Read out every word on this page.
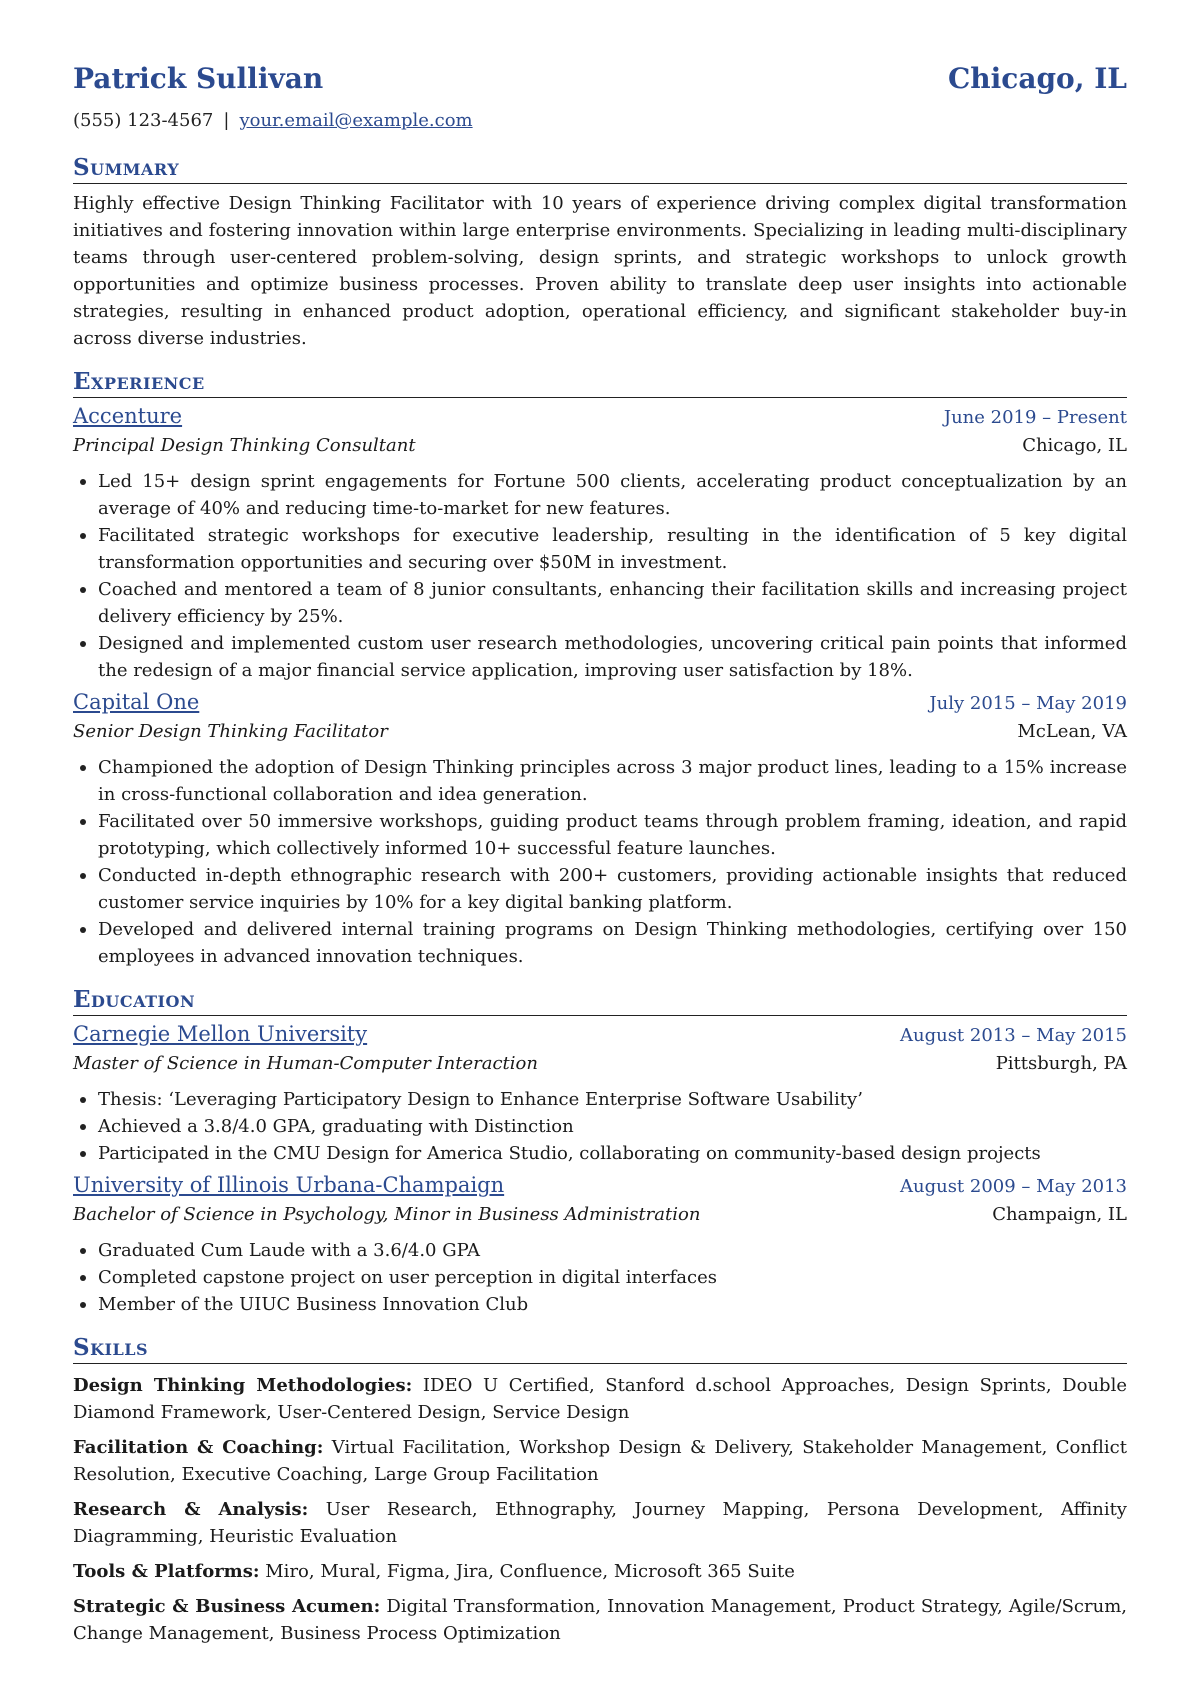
Patrick Sullivan	Chicago, IL
(555) 123-4567 | your.email@example.com
Summary
Highly effective Design Thinking Facilitator with 10 years of experience driving complex digital transformation initiatives and fostering innovation within large enterprise environments. Specializing in leading multi-disciplinary teams through user-centered problem-solving, design sprints, and strategic workshops to unlock growth opportunities and optimize business processes. Proven ability to translate deep user insights into actionable strategies, resulting in enhanced product adoption, operational efficiency, and significant stakeholder buy-in across diverse industries.
Experience
Accenture	June 2019 – Present
Principal Design Thinking Consultant	Chicago, IL
Led 15+ design sprint engagements for Fortune 500 clients, accelerating product conceptualization by an average of 40% and reducing time-to-market for new features.
Facilitated strategic workshops for executive leadership, resulting in the identification of 5 key digital transformation opportunities and securing over $50M in investment.
Coached and mentored a team of 8 junior consultants, enhancing their facilitation skills and increasing project delivery efficiency by 25%.
Designed and implemented custom user research methodologies, uncovering critical pain points that informed the redesign of a major financial service application, improving user satisfaction by 18%.
Capital One	July 2015 – May 2019
Senior Design Thinking Facilitator	McLean, VA
Championed the adoption of Design Thinking principles across 3 major product lines, leading to a 15% increase in cross-functional collaboration and idea generation.
Facilitated over 50 immersive workshops, guiding product teams through problem framing, ideation, and rapid prototyping, which collectively informed 10+ successful feature launches.
Conducted in-depth ethnographic research with 200+ customers, providing actionable insights that reduced customer service inquiries by 10% for a key digital banking platform.
Developed and delivered internal training programs on Design Thinking methodologies, certifying over 150 employees in advanced innovation techniques.
Education
Carnegie Mellon University	August 2013 – May 2015
Master of Science in Human-Computer Interaction	Pittsburgh, PA
Thesis: ‘Leveraging Participatory Design to Enhance Enterprise Software Usability’
Achieved a 3.8/4.0 GPA, graduating with Distinction
Participated in the CMU Design for America Studio, collaborating on community-based design projects
University of Illinois Urbana-Champaign	August 2009 – May 2013
Bachelor of Science in Psychology, Minor in Business Administration	Champaign, IL
Graduated Cum Laude with a 3.6/4.0 GPA
Completed capstone project on user perception in digital interfaces
Member of the UIUC Business Innovation Club
Skills
Design Thinking Methodologies: IDEO U Certified, Stanford d.school Approaches, Design Sprints, Double Diamond Framework, User-Centered Design, Service Design
Facilitation & Coaching: Virtual Facilitation, Workshop Design & Delivery, Stakeholder Management, Conflict Resolution, Executive Coaching, Large Group Facilitation
Research & Analysis: User Research, Ethnography, Journey Mapping, Persona Development, Affinity Diagramming, Heuristic Evaluation
Tools & Platforms: Miro, Mural, Figma, Jira, Confluence, Microsoft 365 Suite
Strategic & Business Acumen: Digital Transformation, Innovation Management, Product Strategy, Agile/Scrum, Change Management, Business Process Optimization
